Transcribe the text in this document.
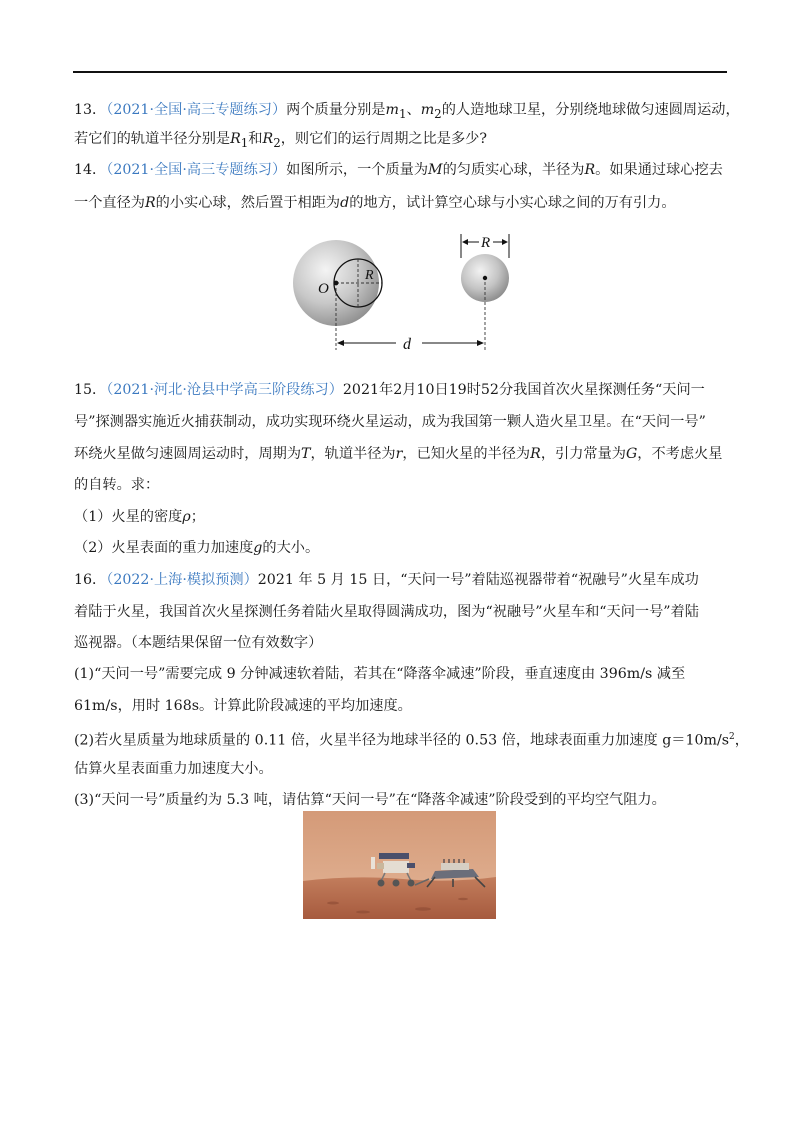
13．（2021·全国·高三专题练习）两个质量分别是$m_1$、$m_2$的人造地球卫星，分别绕地球做匀速圆周运动，
若它们的轨道半径分别是$R_1$和$R_2$，则它们的运行周期之比是多少?
14．（2021·全国·高三专题练习）如图所示，一个质量为M的匀质实心球，半径为R。如果通过球心挖去
一个直径为R的小实心球，然后置于相距为d的地方，试计算空心球与小实心球之间的万有引力。
O
R
R
d
15．（2021·河北·沧县中学高三阶段练习）2021年2月10日19时52分我国首次火星探测任务“天问一
号”探测器实施近火捕获制动，成功实现环绕火星运动，成为我国第一颗人造火星卫星。在“天问一号”
环绕火星做匀速圆周运动时，周期为T，轨道半径为r，已知火星的半径为R，引力常量为G，不考虑火星
的自转。求：
（1）火星的密度ρ；
（2）火星表面的重力加速度g的大小。
16．（2022·上海·模拟预测）2021 年 5 月 15 日，“天问一号”着陆巡视器带着“祝融号”火星车成功
着陆于火星，我国首次火星探测任务着陆火星取得圆满成功，图为“祝融号”火星车和“天问一号”着陆
巡视器。（本题结果保留一位有效数字）
(1)“天问一号”需要完成 9 分钟减速软着陆，若其在“降落伞减速”阶段，垂直速度由 396m/s 减至
61m/s，用时 168s。计算此阶段减速的平均加速度。
(2)若火星质量为地球质量的 0.11 倍，火星半径为地球半径的 0.53 倍，地球表面重力加速度 $g=10m/s^2$，
估算火星表面重力加速度大小。
(3)“天问一号”质量约为 5.3 吨，请估算“天问一号”在“降落伞减速”阶段受到的平均空气阻力。
